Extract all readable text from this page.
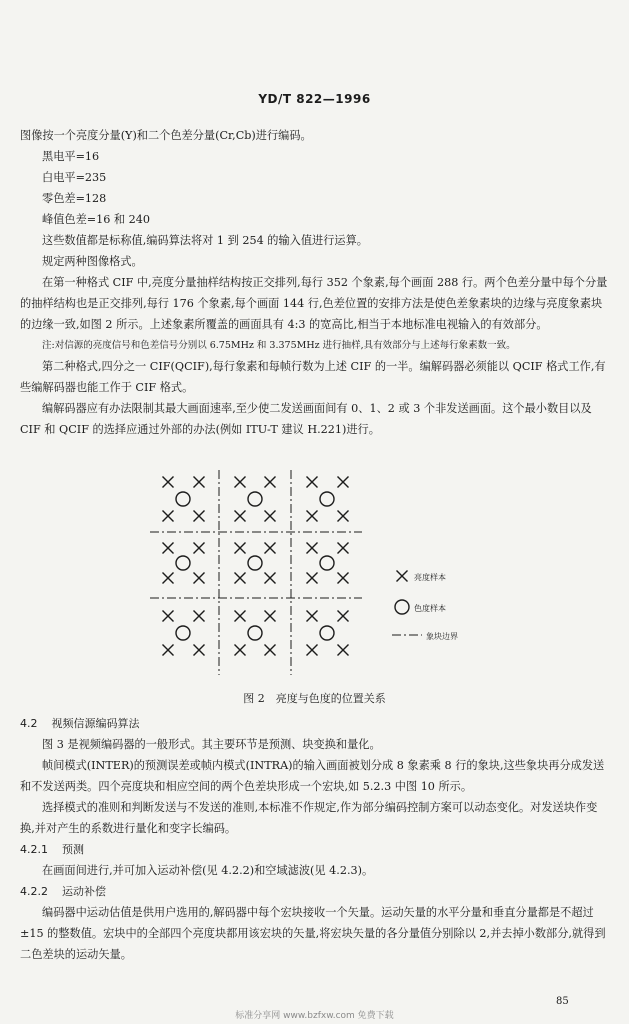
YD/T 822—1996

图像按一个亮度分量(Y)和二个色差分量(Cr,Cb)进行编码。

黑电平=16

白电平=235

零色差=128

峰值色差=16 和 240

这些数值都是标称值,编码算法将对 1 到 254 的输入值进行运算。

规定两种图像格式。

在第一种格式 CIF 中,亮度分量抽样结构按正交排列,每行 352 个象素,每个画面 288 行。两个色差分量中每个分量的抽样结构也是正交排列,每行 176 个象素,每个画面 144 行,色差位置的安排方法是使色差象素块的边缘与亮度象素块的边缘一致,如图 2 所示。上述象素所覆盖的画面具有 4:3 的宽高比,相当于本地标准电视输入的有效部分。

注:对信源的亮度信号和色差信号分别以 6.75MHz 和 3.375MHz 进行抽样,具有效部分与上述每行象素数一致。

第二种格式,四分之一 CIF(QCIF),每行象素和每帧行数为上述 CIF 的一半。编解码器必须能以 QCIF 格式工作,有些编解码器也能工作于 CIF 格式。

编解码器应有办法限制其最大画面速率,至少使二发送画面间有 0、1、2 或 3 个非发送画面。这个最小数目以及 CIF 和 QCIF 的选择应通过外部的办法(例如 ITU-T 建议 H.221)进行。

亮度样本
色度样本
象块边界
图 2　亮度与色度的位置关系

4.2 视频信源编码算法

图 3 是视频编码器的一般形式。其主要环节是预测、块变换和量化。

帧间模式(INTER)的预测误差或帧内模式(INTRA)的输入画面被划分成 8 象素乘 8 行的象块,这些象块再分成发送和不发送两类。四个亮度块和相应空间的两个色差块形成一个宏块,如 5.2.3 中图 10 所示。

选择模式的准则和判断发送与不发送的准则,本标准不作规定,作为部分编码控制方案可以动态变化。对发送块作变换,并对产生的系数进行量化和变字长编码。

4.2.1 预测

在画面间进行,并可加入运动补偿(见 4.2.2)和空域滤波(见 4.2.3)。

4.2.2 运动补偿

编码器中运动估值是供用户选用的,解码器中每个宏块接收一个矢量。运动矢量的水平分量和垂直分量都是不超过±15 的整数值。宏块中的全部四个亮度块都用该宏块的矢量,将宏块矢量的各分量值分别除以 2,并去掉小数部分,就得到二色差块的运动矢量。

85
标准分享网 www.bzfxw.com 免费下载
